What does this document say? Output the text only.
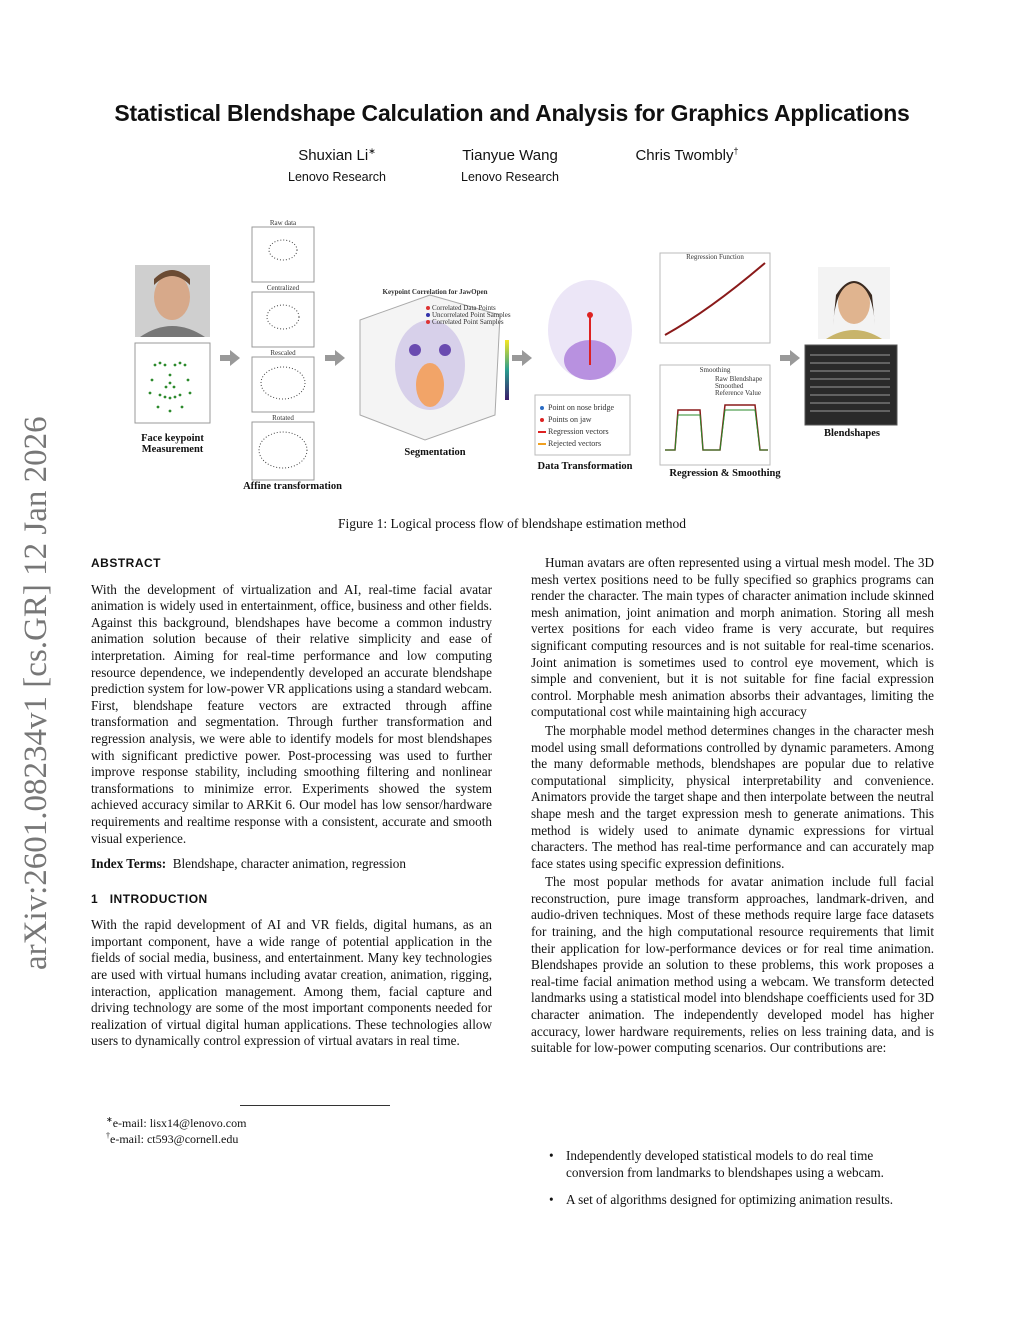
arXiv:2601.08234v1 [cs.GR] 12 Jan 2026
Statistical Blendshape Calculation and Analysis for Graphics Applications
Shuxian Li∗
Lenovo Research
Tianyue Wang
Lenovo Research
Chris Twombly†
Face keypoint
Measurement
Affine transformation
Segmentation
Data Transformation
Regression & Smoothing
Blendshapes
Raw data
Centralized
Rescaled
Rotated
Keypoint Correlation for JawOpen
Correlated Data Points
Uncorrelated Point Samples
Correlated Point Samples
Point on nose bridge
Points on jaw
Regression vectors
Rejected vectors
Regression Function
Smoothing
Raw Blendshape
Smoothed
Reference Value
Figure 1: Logical process flow of blendshape estimation method
ABSTRACT

With the development of virtualization and AI, real-time facial avatar animation is widely used in entertainment, office, business and other fields. Against this background, blendshapes have become a common industry animation solution because of their relative simplicity and ease of interpretation. Aiming for real-time performance and low computing resource dependence, we independently developed an accurate blendshape prediction system for low-power VR applications using a standard webcam. First, blendshape feature vectors are extracted through affine transformation and segmentation. Through further transformation and regression analysis, we were able to identify models for most blendshapes with significant predictive power. Post-processing was used to further improve response stability, including smoothing filtering and nonlinear transformations to minimize error. Experiments showed the system achieved accuracy similar to ARKit 6. Our model has low sensor/hardware requirements and realtime response with a consistent, accurate and smooth visual experience.

Index Terms: Blendshape, character animation, regression

1 INTRODUCTION

With the rapid development of AI and VR fields, digital humans, as an important component, have a wide range of potential application in the fields of social media, business, and entertainment. Many key technologies are used with virtual humans including avatar creation, animation, rigging, interaction, application management. Among them, facial capture and driving technology are some of the most important components needed for realization of virtual digital human applications. These technologies allow users to dynamically control expression of virtual avatars in real time.

∗e-mail: lisx14@lenovo.com
†e-mail: ct593@cornell.edu

Human avatars are often represented using a virtual mesh model. The 3D mesh vertex positions need to be fully specified so graphics programs can render the character. The main types of character animation include skinned mesh animation, joint animation and morph animation. Storing all mesh vertex positions for each video frame is very accurate, but requires significant computing resources and is not suitable for real-time scenarios. Joint animation is sometimes used to control eye movement, which is simple and convenient, but it is not suitable for fine facial expression control. Morphable mesh animation absorbs their advantages, limiting the computational cost while maintaining high accuracy

The morphable model method determines changes in the character mesh model using small deformations controlled by dynamic parameters. Among the many deformable methods, blendshapes are popular due to relative computational simplicity, physical interpretability and convenience. Animators provide the target shape and then interpolate between the neutral shape mesh and the target expression mesh to generate animations. This method is widely used to animate dynamic expressions for virtual characters. The method has real-time performance and can accurately map face states using specific expression definitions.

The most popular methods for avatar animation include full facial reconstruction, pure image transform approaches, landmark-driven, and audio-driven techniques. Most of these methods require large face datasets for training, and the high computational resource requirements that limit their application for low-performance devices or for real time animation. Blendshapes provide an solution to these problems, this work proposes a real-time facial animation method using a webcam. We transform detected landmarks using a statistical model into blendshape coefficients used for 3D character animation. The independently developed model has higher accuracy, lower hardware requirements, relies on less training data, and is suitable for low-power computing scenarios. Our contributions are:

• Independently developed statistical models to do real time conversion from landmarks to blendshapes using a webcam.
• A set of algorithms designed for optimizing animation results.
